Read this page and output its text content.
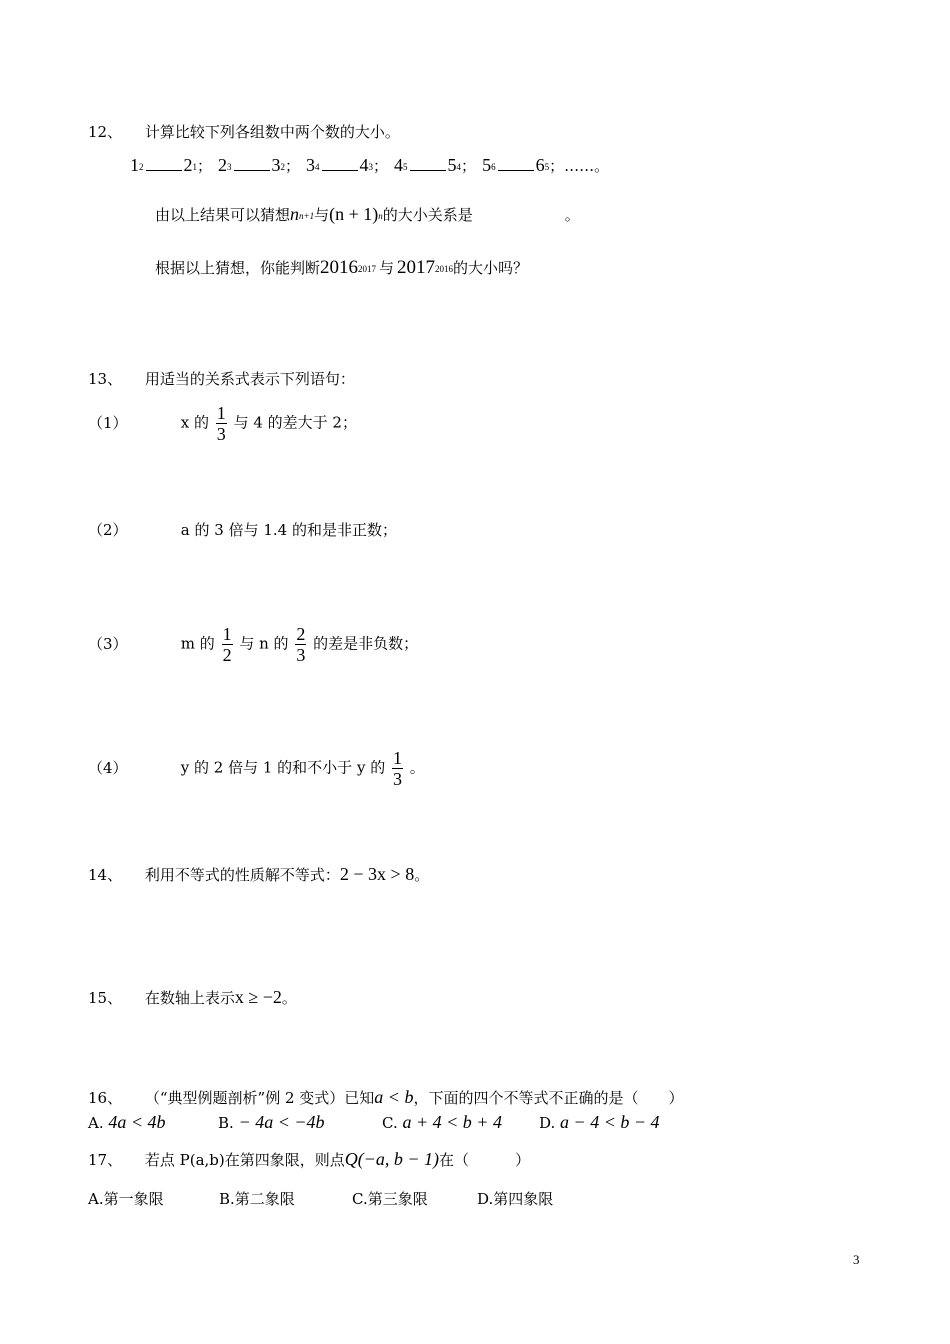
12、 计算比较下列各组数中两个数的大小。
12 21； 23 32； 34 43； 45 54； 56 65；……。
由以上结果可以猜想nn+1与(n + 1)n的大小关系是	。
根据以上猜想，你能判断20162017 与 20172016的大小吗？
13、 用适当的关系式表示下列语句：
（1）	x 的 $\frac{1}{3}$ 与 4 的差大于 2；
（2）	a 的 3 倍与 1.4 的和是非正数；
（3）	m 的 $\frac{1}{2}$ 与 n 的 $\frac{2}{3}$ 的差是非负数；
（4）	y 的 2 倍与 1 的和不小于 y 的 $\frac{1}{3}$ 。
14、 利用不等式的性质解不等式：2 − 3x > 8。
15、 在数轴上表示x ≥ −2。
16、 （“典型例题剖析”例 2 变式）已知a < b，下面的四个不等式不正确的是（ ）
A. 4a < 4b	B. − 4a < −4b	C. a + 4 < b + 4 D. a − 4 < b − 4
17、 若点 P(a,b)在第四象限，则点Q(−a, b − 1)在（	）
A.第一象限	B.第二象限	C.第三象限	D.第四象限
3
